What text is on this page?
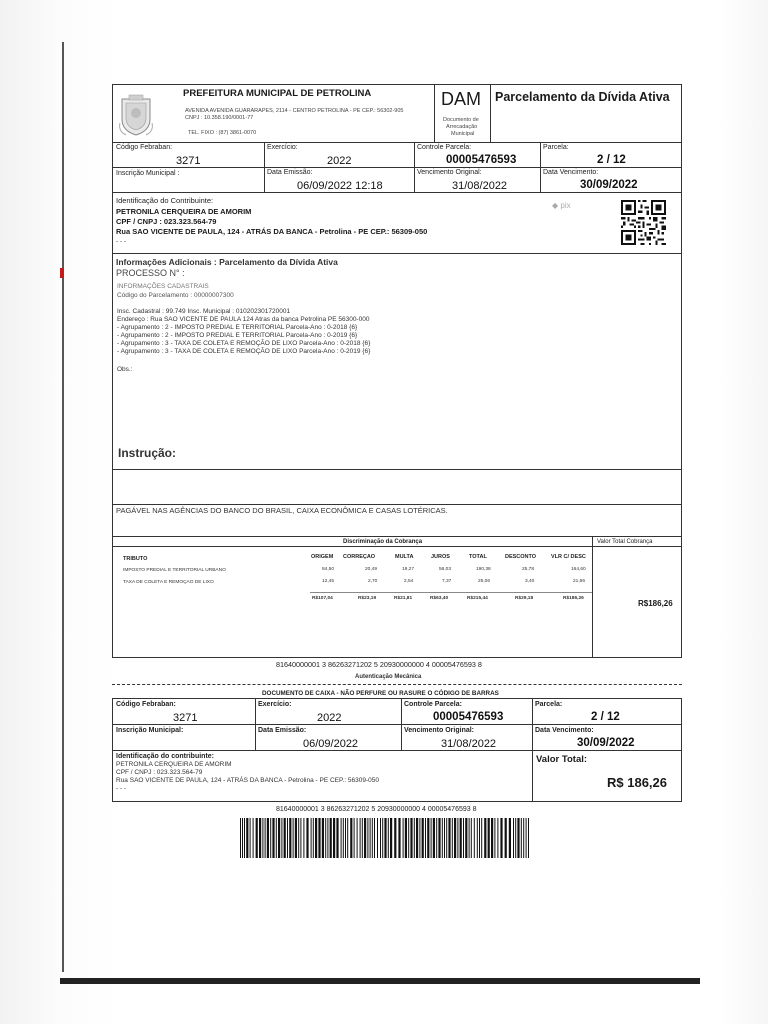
PREFEITURA MUNICIPAL DE PETROLINA
AVENIDA AVENIDA GUARARAPES, 2114 - CENTRO PETROLINA - PE CEP.: 56302-905
CNPJ : 10.358.190/0001-77
TEL. FIXO : (87) 3861-0070
DAM
Documento de
Arrecadação
Municipal
Parcelamento da Dívida Ativa
Código Febraban:
3271
Exercício:
2022
Controle Parcela:
00005476593
Parcela:
2 / 12
Inscrição Municipal :	Data Emissão:
06/09/2022 12:18
Vencimento Original:
31/08/2022
Data Vencimento:
30/09/2022
Identificação do Contribuinte:
PETRONILA CERQUEIRA DE AMORIM
CPF / CNPJ : 023.323.564-79
Rua SAO VICENTE DE PAULA, 124 - ATRÁS DA BANCA - Petrolina - PE CEP.: 56309-050
- - -
◆ pix
Informações Adicionais : Parcelamento da Dívida Ativa
PROCESSO N° :
INFORMAÇÕES CADASTRAIS
Código do Parcelamento : 00000007300
Insc. Cadastral : 99.749 Insc. Municipal : 010202301720001
Endereço : Rua SAO VICENTE DE PAULA 124 Atras da banca Petrolina PE 56300-000
- Agrupamento : 2 - IMPOSTO PREDIAL E TERRITORIAL Parcela-Ano : 0-2018 {6}
- Agrupamento : 2 - IMPOSTO PREDIAL E TERRITORIAL Parcela-Ano : 0-2019 {6}
- Agrupamento : 3 - TAXA DE COLETA E REMOÇÃO DE LIXO Parcela-Ano : 0-2018 {6}
- Agrupamento : 3 - TAXA DE COLETA E REMOÇÃO DE LIXO Parcela-Ano : 0-2019 {6}
Obs.:
Instrução:
PAGÁVEL NAS AGÊNCIAS DO BANCO DO BRASIL, CAIXA ECONÔMICA E CASAS LOTÉRICAS.
Discriminação da Cobrança	Valor Total Cobrança
TRIBUTO	ORIGEM CORREÇAO	MULTA	JUROS	TOTAL	DESCONTO	VLR C/ DESC
IMPOSTO PREDIAL E TERRITORIAL URBANO	84,50	20,49	19,27	56,03	190,38	25,78	164,60
TAXA DE COLETA E REMOÇAO DE LIXO	12,45	2,70	2,54	7,37	25,06	3,40	21,66
R$107,04	R$23,19	R$21,81	R$63,40	R$215,44	R$29,18	R$186,26
R$186,26
81640000001 3 86263271202 5 20930000000 4 00005476593 8
Autenticação Mecânica
DOCUMENTO DE CAIXA - NÃO PERFURE OU RASURE O CÓDIGO DE BARRAS
Código Febraban:
3271
Exercício:
2022
Controle Parcela:
00005476593
Parcela:
2 / 12
Inscrição Municipal:	Data Emissão:
06/09/2022
Vencimento Original:
31/08/2022
Data Vencimento:
30/09/2022
Identificação do contribuinte:
PETRONILA CERQUEIRA DE AMORIM
CPF / CNPJ : 023.323.564-79
Rua SAO VICENTE DE PAULA, 124 - ATRÁS DA BANCA - Petrolina - PE CEP.: 56309-050
- - -
Valor Total:
R$ 186,26
81640000001 3 86263271202 5 20930000000 4 00005476593 8
